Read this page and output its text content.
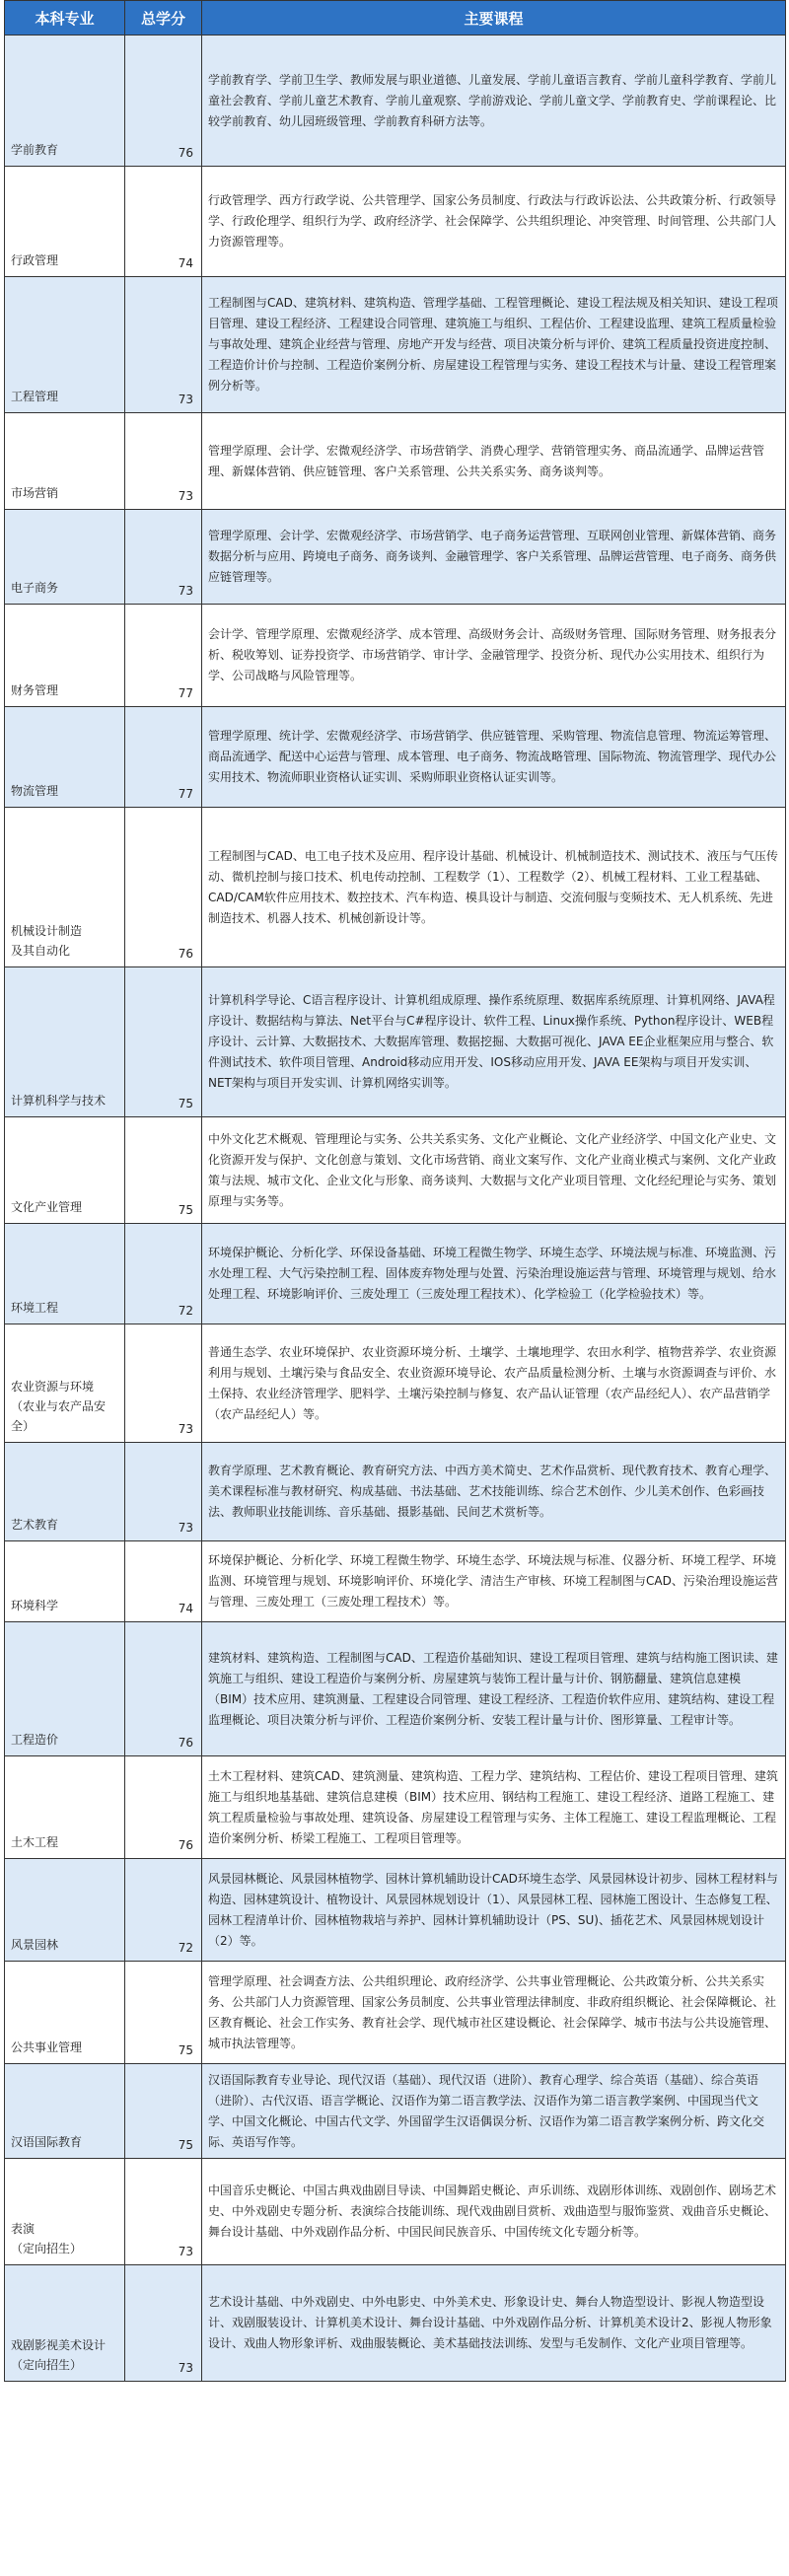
本科专业	总学分	主要课程

学前教育	76	学前教育学、学前卫生学、教师发展与职业道德、儿童发展、学前儿童语言教育、学前儿童科学教育、学前儿童社会教育、学前儿童艺术教育、学前儿童观察、学前游戏论、学前儿童文学、学前教育史、学前课程论、比较学前教育、幼儿园班级管理、学前教育科研方法等。

行政管理	74	行政管理学、西方行政学说、公共管理学、国家公务员制度、行政法与行政诉讼法、公共政策分析、行政领导学、行政伦理学、组织行为学、政府经济学、社会保障学、公共组织理论、冲突管理、时间管理、公共部门人力资源管理等。

工程管理	73	工程制图与CAD、建筑材料、建筑构造、管理学基础、工程管理概论、建设工程法规及相关知识、建设工程项目管理、建设工程经济、工程建设合同管理、建筑施工与组织、工程估价、工程建设监理、建筑工程质量检验与事故处理、建筑企业经营与管理、房地产开发与经营、项目决策分析与评价、建筑工程质量投资进度控制、工程造价计价与控制、工程造价案例分析、房屋建设工程管理与实务、建设工程技术与计量、建设工程管理案例分析等。

市场营销	73	管理学原理、会计学、宏微观经济学、市场营销学、消费心理学、营销管理实务、商品流通学、品牌运营管理、新媒体营销、供应链管理、客户关系管理、公共关系实务、商务谈判等。

电子商务	73	管理学原理、会计学、宏微观经济学、市场营销学、电子商务运营管理、互联网创业管理、新媒体营销、商务数据分析与应用、跨境电子商务、商务谈判、金融管理学、客户关系管理、品牌运营管理、电子商务、商务供应链管理等。

财务管理	77	会计学、管理学原理、宏微观经济学、成本管理、高级财务会计、高级财务管理、国际财务管理、财务报表分析、税收筹划、证券投资学、市场营销学、审计学、金融管理学、投资分析、现代办公实用技术、组织行为学、公司战略与风险管理等。

物流管理	77	管理学原理、统计学、宏微观经济学、市场营销学、供应链管理、采购管理、物流信息管理、物流运筹管理、商品流通学、配送中心运营与管理、成本管理、电子商务、物流战略管理、国际物流、物流管理学、现代办公实用技术、物流师职业资格认证实训、采购师职业资格认证实训等。

机械设计制造
及其自动化	76	工程制图与CAD、电工电子技术及应用、程序设计基础、机械设计、机械制造技术、测试技术、液压与气压传动、微机控制与接口技术、机电传动控制、工程数学（1）、工程数学（2）、机械工程材料、工业工程基础、CAD/CAM软件应用技术、数控技术、汽车构造、模具设计与制造、交流伺服与变频技术、无人机系统、先进制造技术、机器人技术、机械创新设计等。

计算机科学与技术	75	计算机科学导论、C语言程序设计、计算机组成原理、操作系统原理、数据库系统原理、计算机网络、JAVA程序设计、数据结构与算法、Net平台与C#程序设计、软件工程、Linux操作系统、Python程序设计、WEB程序设计、云计算、大数据技术、大数据库管理、数据挖掘、大数据可视化、JAVA EE企业框架应用与整合、软件测试技术、软件项目管理、Android移动应用开发、IOS移动应用开发、JAVA EE架构与项目开发实训、NET架构与项目开发实训、计算机网络实训等。

文化产业管理	75	中外文化艺术概观、管理理论与实务、公共关系实务、文化产业概论、文化产业经济学、中国文化产业史、文化资源开发与保护、文化创意与策划、文化市场营销、商业文案写作、文化产业商业模式与案例、文化产业政策与法规、城市文化、企业文化与形象、商务谈判、大数据与文化产业项目管理、文化经纪理论与实务、策划原理与实务等。

环境工程	72	环境保护概论、分析化学、环保设备基础、环境工程微生物学、环境生态学、环境法规与标准、环境监测、污水处理工程、大气污染控制工程、固体废弃物处理与处置、污染治理设施运营与管理、环境管理与规划、给水处理工程、环境影响评价、三废处理工（三废处理工程技术）、化学检验工（化学检验技术）等。

农业资源与环境
（农业与农产品安
全）	73	普通生态学、农业环境保护、农业资源环境分析、土壤学、土壤地理学、农田水利学、植物营养学、农业资源利用与规划、土壤污染与食品安全、农业资源环境导论、农产品质量检测分析、土壤与水资源调查与评价、水土保持、农业经济管理学、肥料学、土壤污染控制与修复、农产品认证管理（农产品经纪人）、农产品营销学（农产品经纪人）等。

艺术教育	73	教育学原理、艺术教育概论、教育研究方法、中西方美术简史、艺术作品赏析、现代教育技术、教育心理学、美术课程标准与教材研究、构成基础、书法基础、艺术技能训练、综合艺术创作、少儿美术创作、色彩画技法、教师职业技能训练、音乐基础、摄影基础、民间艺术赏析等。

环境科学	74	环境保护概论、分析化学、环境工程微生物学、环境生态学、环境法规与标准、仪器分析、环境工程学、环境监测、环境管理与规划、环境影响评价、环境化学、清洁生产审核、环境工程制图与CAD、污染治理设施运营与管理、三废处理工（三废处理工程技术）等。

工程造价	76	建筑材料、建筑构造、工程制图与CAD、工程造价基础知识、建设工程项目管理、建筑与结构施工图识读、建筑施工与组织、建设工程造价与案例分析、房屋建筑与装饰工程计量与计价、钢筋翻量、建筑信息建模（BIM）技术应用、建筑测量、工程建设合同管理、建设工程经济、工程造价软件应用、建筑结构、建设工程监理概论、项目决策分析与评价、工程造价案例分析、安装工程计量与计价、图形算量、工程审计等。

土木工程	76	土木工程材料、建筑CAD、建筑测量、建筑构造、工程力学、建筑结构、工程估价、建设工程项目管理、建筑施工与组织地基基础、建筑信息建模（BIM）技术应用、钢结构工程施工、建设工程经济、道路工程施工、建筑工程质量检验与事故处理、建筑设备、房屋建设工程管理与实务、主体工程施工、建设工程监理概论、工程造价案例分析、桥梁工程施工、工程项目管理等。

风景园林	72	风景园林概论、风景园林植物学、园林计算机辅助设计CAD环境生态学、风景园林设计初步、园林工程材料与构造、园林建筑设计、植物设计、风景园林规划设计（1）、风景园林工程、园林施工图设计、生态修复工程、园林工程清单计价、园林植物栽培与养护、园林计算机辅助设计（PS、SU)、插花艺术、风景园林规划设计（2）等。

公共事业管理	75	管理学原理、社会调查方法、公共组织理论、政府经济学、公共事业管理概论、公共政策分析、公共关系实务、公共部门人力资源管理、国家公务员制度、公共事业管理法律制度、非政府组织概论、社会保障概论、社区教育概论、社会工作实务、教育社会学、现代城市社区建设概论、社会保障学、城市书法与公共设施管理、城市执法管理等。

汉语国际教育	75	汉语国际教育专业导论、现代汉语（基础）、现代汉语（进阶）、教育心理学、综合英语（基础）、综合英语（进阶）、古代汉语、语言学概论、汉语作为第二语言教学法、汉语作为第二语言教学案例、中国现当代文学、中国文化概论、中国古代文学、外国留学生汉语偶误分析、汉语作为第二语言教学案例分析、跨文化交际、英语写作等。

表演
（定向招生）	73	中国音乐史概论、中国古典戏曲剧目导读、中国舞蹈史概论、声乐训练、戏剧形体训练、戏剧创作、剧场艺术史、中外戏剧史专题分析、表演综合技能训练、现代戏曲剧目赏析、戏曲造型与服饰鉴赏、戏曲音乐史概论、舞台设计基础、中外戏剧作品分析、中国民间民族音乐、中国传统文化专题分析等。

戏剧影视美术设计
（定向招生）	73	艺术设计基础、中外戏剧史、中外电影史、中外美术史、形象设计史、舞台人物造型设计、影视人物造型设计、戏剧服装设计、计算机美术设计、舞台设计基础、中外戏剧作品分析、计算机美术设计2、影视人物形象设计、戏曲人物形象评析、戏曲服装概论、美术基础技法训练、发型与毛发制作、文化产业项目管理等。
